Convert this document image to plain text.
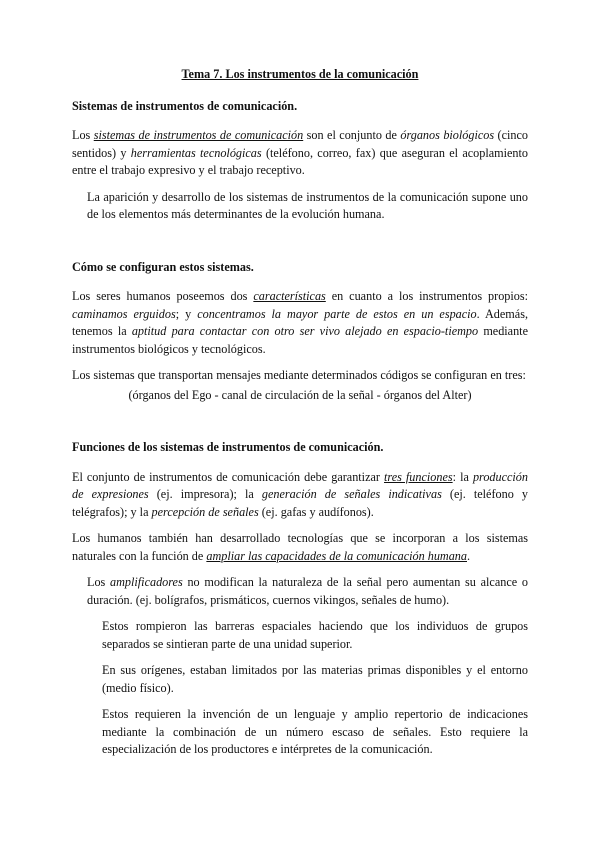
Tema 7. Los instrumentos de la comunicación
Sistemas de instrumentos de comunicación.

Los sistemas de instrumentos de comunicación son el conjunto de órganos biológicos (cinco sentidos) y herramientas tecnológicas (teléfono, correo, fax) que aseguran el acoplamiento entre el trabajo expresivo y el trabajo receptivo.

La aparición y desarrollo de los sistemas de instrumentos de la comunicación supone uno de los elementos más determinantes de la evolución humana.

Cómo se configuran estos sistemas.

Los seres humanos poseemos dos características en cuanto a los instrumentos propios: caminamos erguidos; y concentramos la mayor parte de estos en un espacio. Además, tenemos la aptitud para contactar con otro ser vivo alejado en espacio-tiempo mediante instrumentos biológicos y tecnológicos.

Los sistemas que transportan mensajes mediante determinados códigos se configuran en tres:

(órganos del Ego - canal de circulación de la señal - órganos del Alter)

Funciones de los sistemas de instrumentos de comunicación.

El conjunto de instrumentos de comunicación debe garantizar tres funciones: la producción de expresiones (ej. impresora); la generación de señales indicativas (ej. teléfono y telégrafos); y la percepción de señales (ej. gafas y audífonos).

Los humanos también han desarrollado tecnologías que se incorporan a los sistemas naturales con la función de ampliar las capacidades de la comunicación humana.

Los amplificadores no modifican la naturaleza de la señal pero aumentan su alcance o duración. (ej. bolígrafos, prismáticos, cuernos vikingos, señales de humo).

Estos rompieron las barreras espaciales haciendo que los individuos de grupos separados se sintieran parte de una unidad superior.

En sus orígenes, estaban limitados por las materias primas disponibles y el entorno (medio físico).

Estos requieren la invención de un lenguaje y amplio repertorio de indicaciones mediante la combinación de un número escaso de señales. Esto requiere la especialización de los productores e intérpretes de la comunicación.
